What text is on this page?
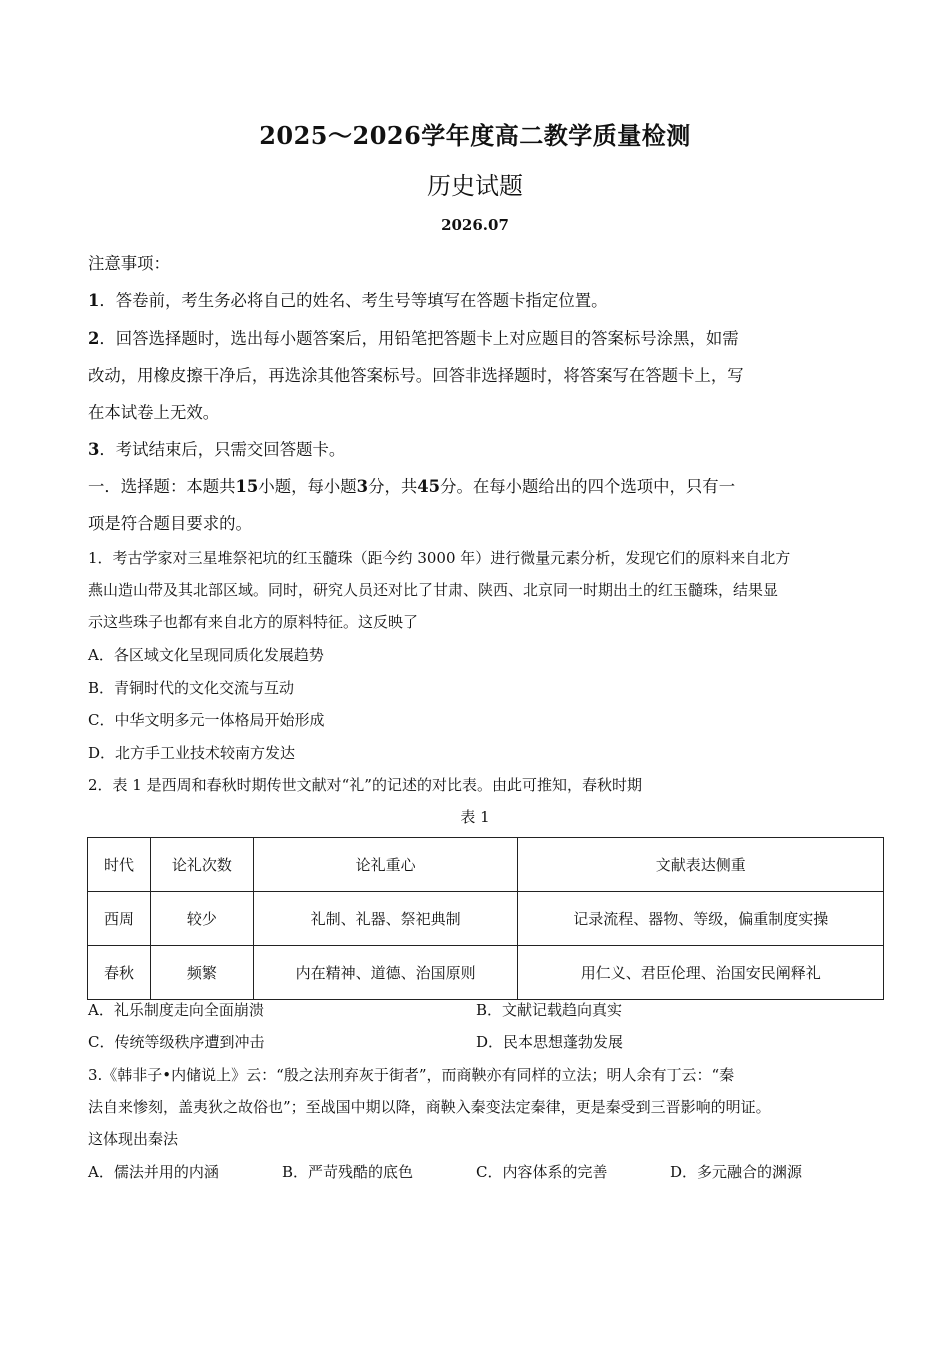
2025～2026学年度高二教学质量检测
历史试题
2026.07
注意事项：
1．答卷前，考生务必将自己的姓名、考生号等填写在答题卡指定位置。
2．回答选择题时，选出每小题答案后，用铅笔把答题卡上对应题目的答案标号涂黑，如需
改动，用橡皮擦干净后，再选涂其他答案标号。回答非选择题时，将答案写在答题卡上，写
在本试卷上无效。
3．考试结束后，只需交回答题卡。
一．选择题：本题共15小题，每小题3分，共45分。在每小题给出的四个选项中，只有一
项是符合题目要求的。
1．考古学家对三星堆祭祀坑的红玉髓珠（距今约 3000 年）进行微量元素分析，发现它们的原料来自北方
燕山造山带及其北部区域。同时，研究人员还对比了甘肃、陕西、北京同一时期出土的红玉髓珠，结果显
示这些珠子也都有来自北方的原料特征。这反映了
A．各区域文化呈现同质化发展趋势
B．青铜时代的文化交流与互动
C．中华文明多元一体格局开始形成
D．北方手工业技术较南方发达
2．表 1 是西周和春秋时期传世文献对“礼”的记述的对比表。由此可推知，春秋时期
表 1
时代	论礼次数	论礼重心	文献表达侧重
西周	较少	礼制、礼器、祭祀典制	记录流程、器物、等级，偏重制度实操
春秋	频繁	内在精神、道德、治国原则	用仁义、君臣伦理、治国安民阐释礼
A．礼乐制度走向全面崩溃	B．文献记载趋向真实
C．传统等级秩序遭到冲击	D．民本思想蓬勃发展
3.《韩非子•内储说上》云：“殷之法刑弃灰于街者”，而商鞅亦有同样的立法；明人余有丁云：“秦
法自来惨刻，盖夷狄之故俗也”；至战国中期以降，商鞅入秦变法定秦律，更是秦受到三晋影响的明证。
这体现出秦法
A．儒法并用的内涵	B．严苛残酷的底色	C．内容体系的完善	D．多元融合的渊源
